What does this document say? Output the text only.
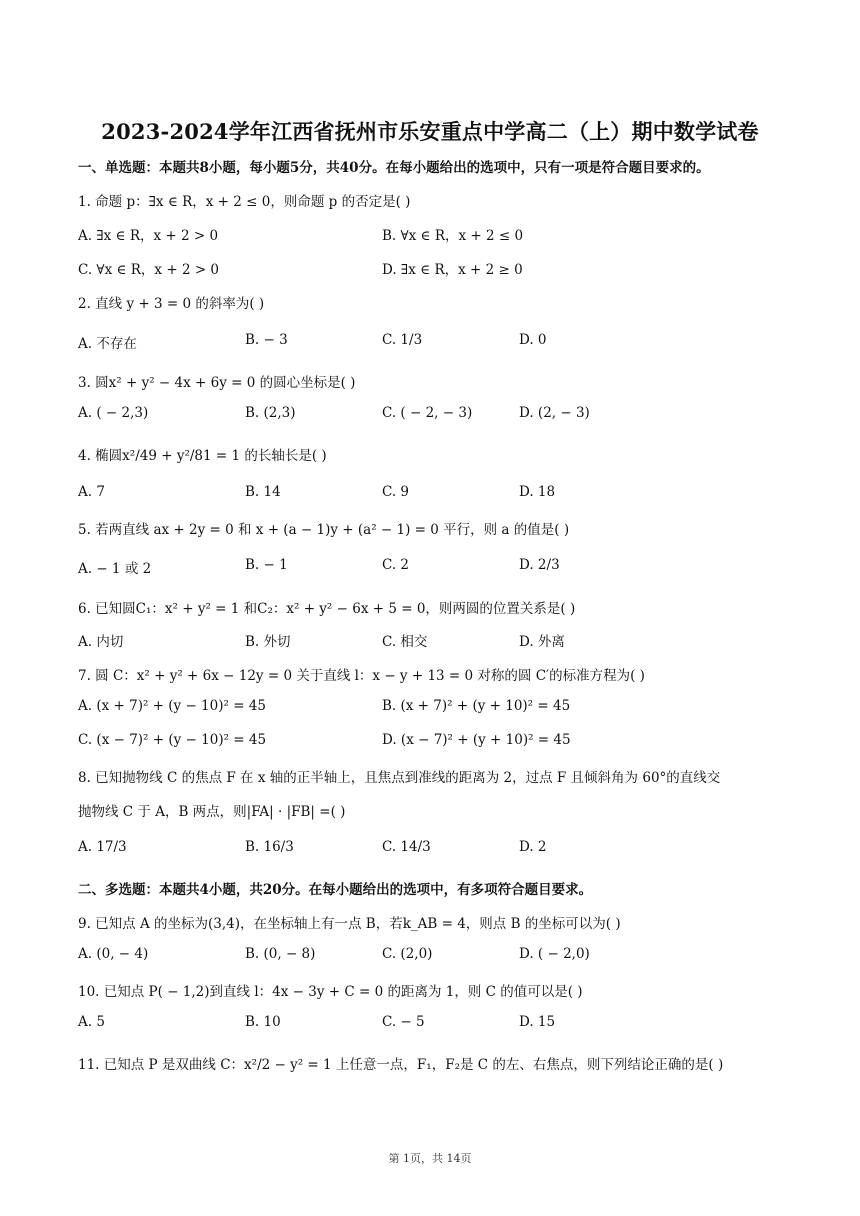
2023-2024学年江西省抚州市乐安重点中学高二（上）期中数学试卷
一、单选题：本题共8小题，每小题5分，共40分。在每小题给出的选项中，只有一项是符合题目要求的。
1. 命题 p：∃x ∈ R，x + 2 ≤ 0，则命题 p 的否定是( )
A. ∃x ∈ R，x + 2 > 0	B. ∀x ∈ R，x + 2 ≤ 0
C. ∀x ∈ R，x + 2 > 0	D. ∃x ∈ R，x + 2 ≥ 0
2. 直线 y + 3 = 0 的斜率为( )
A. 不存在	B. − 3	C. 1/3	D. 0
3. 圆x² + y² − 4x + 6y = 0 的圆心坐标是( )
A. ( − 2,3)	B. (2,3)	C. ( − 2, − 3)	D. (2, − 3)
4. 椭圆x²/49 + y²/81 = 1 的长轴长是( )
A. 7	B. 14	C. 9	D. 18
5. 若两直线 ax + 2y = 0 和 x + (a − 1)y + (a² − 1) = 0 平行，则 a 的值是( )
A. − 1 或 2	B. − 1	C. 2	D. 2/3
6. 已知圆C₁：x² + y² = 1 和C₂：x² + y² − 6x + 5 = 0，则两圆的位置关系是( )
A. 内切	B. 外切	C. 相交	D. 外离
7. 圆 C：x² + y² + 6x − 12y = 0 关于直线 l：x − y + 13 = 0 对称的圆 C′的标准方程为( )
A. (x + 7)² + (y − 10)² = 45	B. (x + 7)² + (y + 10)² = 45
C. (x − 7)² + (y − 10)² = 45	D. (x − 7)² + (y + 10)² = 45
8. 已知抛物线 C 的焦点 F 在 x 轴的正半轴上，且焦点到准线的距离为 2，过点 F 且倾斜角为 60°的直线交
抛物线 C 于 A，B 两点，则|FA| · |FB| =( )
A. 17/3	B. 16/3	C. 14/3	D. 2
二、多选题：本题共4小题，共20分。在每小题给出的选项中，有多项符合题目要求。
9. 已知点 A 的坐标为(3,4)，在坐标轴上有一点 B，若k_AB = 4，则点 B 的坐标可以为( )
A. (0, − 4)	B. (0, − 8)	C. (2,0)	D. ( − 2,0)
10. 已知点 P( − 1,2)到直线 l：4x − 3y + C = 0 的距离为 1，则 C 的值可以是( )
A. 5	B. 10	C. − 5	D. 15
11. 已知点 P 是双曲线 C：x²/2 − y² = 1 上任意一点，F₁，F₂是 C 的左、右焦点，则下列结论正确的是( )
第 1页，共 14页
